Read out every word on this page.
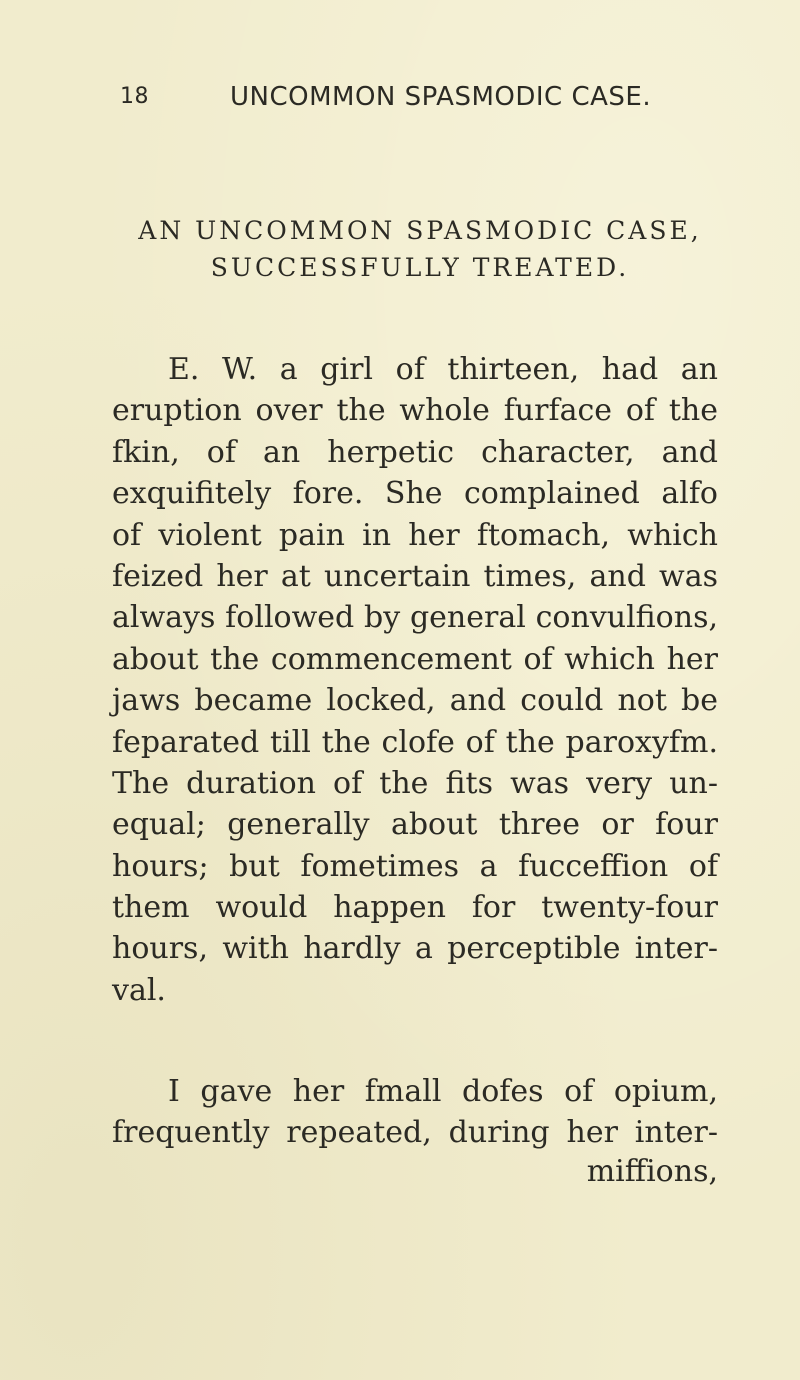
18	UNCOMMON SPASMODIC CASE.
AN UNCOMMON SPASMODIC CASE,
SUCCESSFULLY TREATED.
E. W. a girl of thirteen, had an
eruption over the whole furface of the
fkin, of an herpetic character, and
exquifitely fore. She complained alfo
of violent pain in her ftomach, which
feized her at uncertain times, and was
always followed by general convulfions,
about the commencement of which her
jaws became locked, and could not be
feparated till the clofe of the paroxyfm.
The duration of the fits was very un-
equal; generally about three or four
hours; but fometimes a fucceffion of
them would happen for twenty-four
hours, with hardly a perceptible inter-
val.
I gave her fmall dofes of opium,
frequently repeated, during her inter-
miffions,
